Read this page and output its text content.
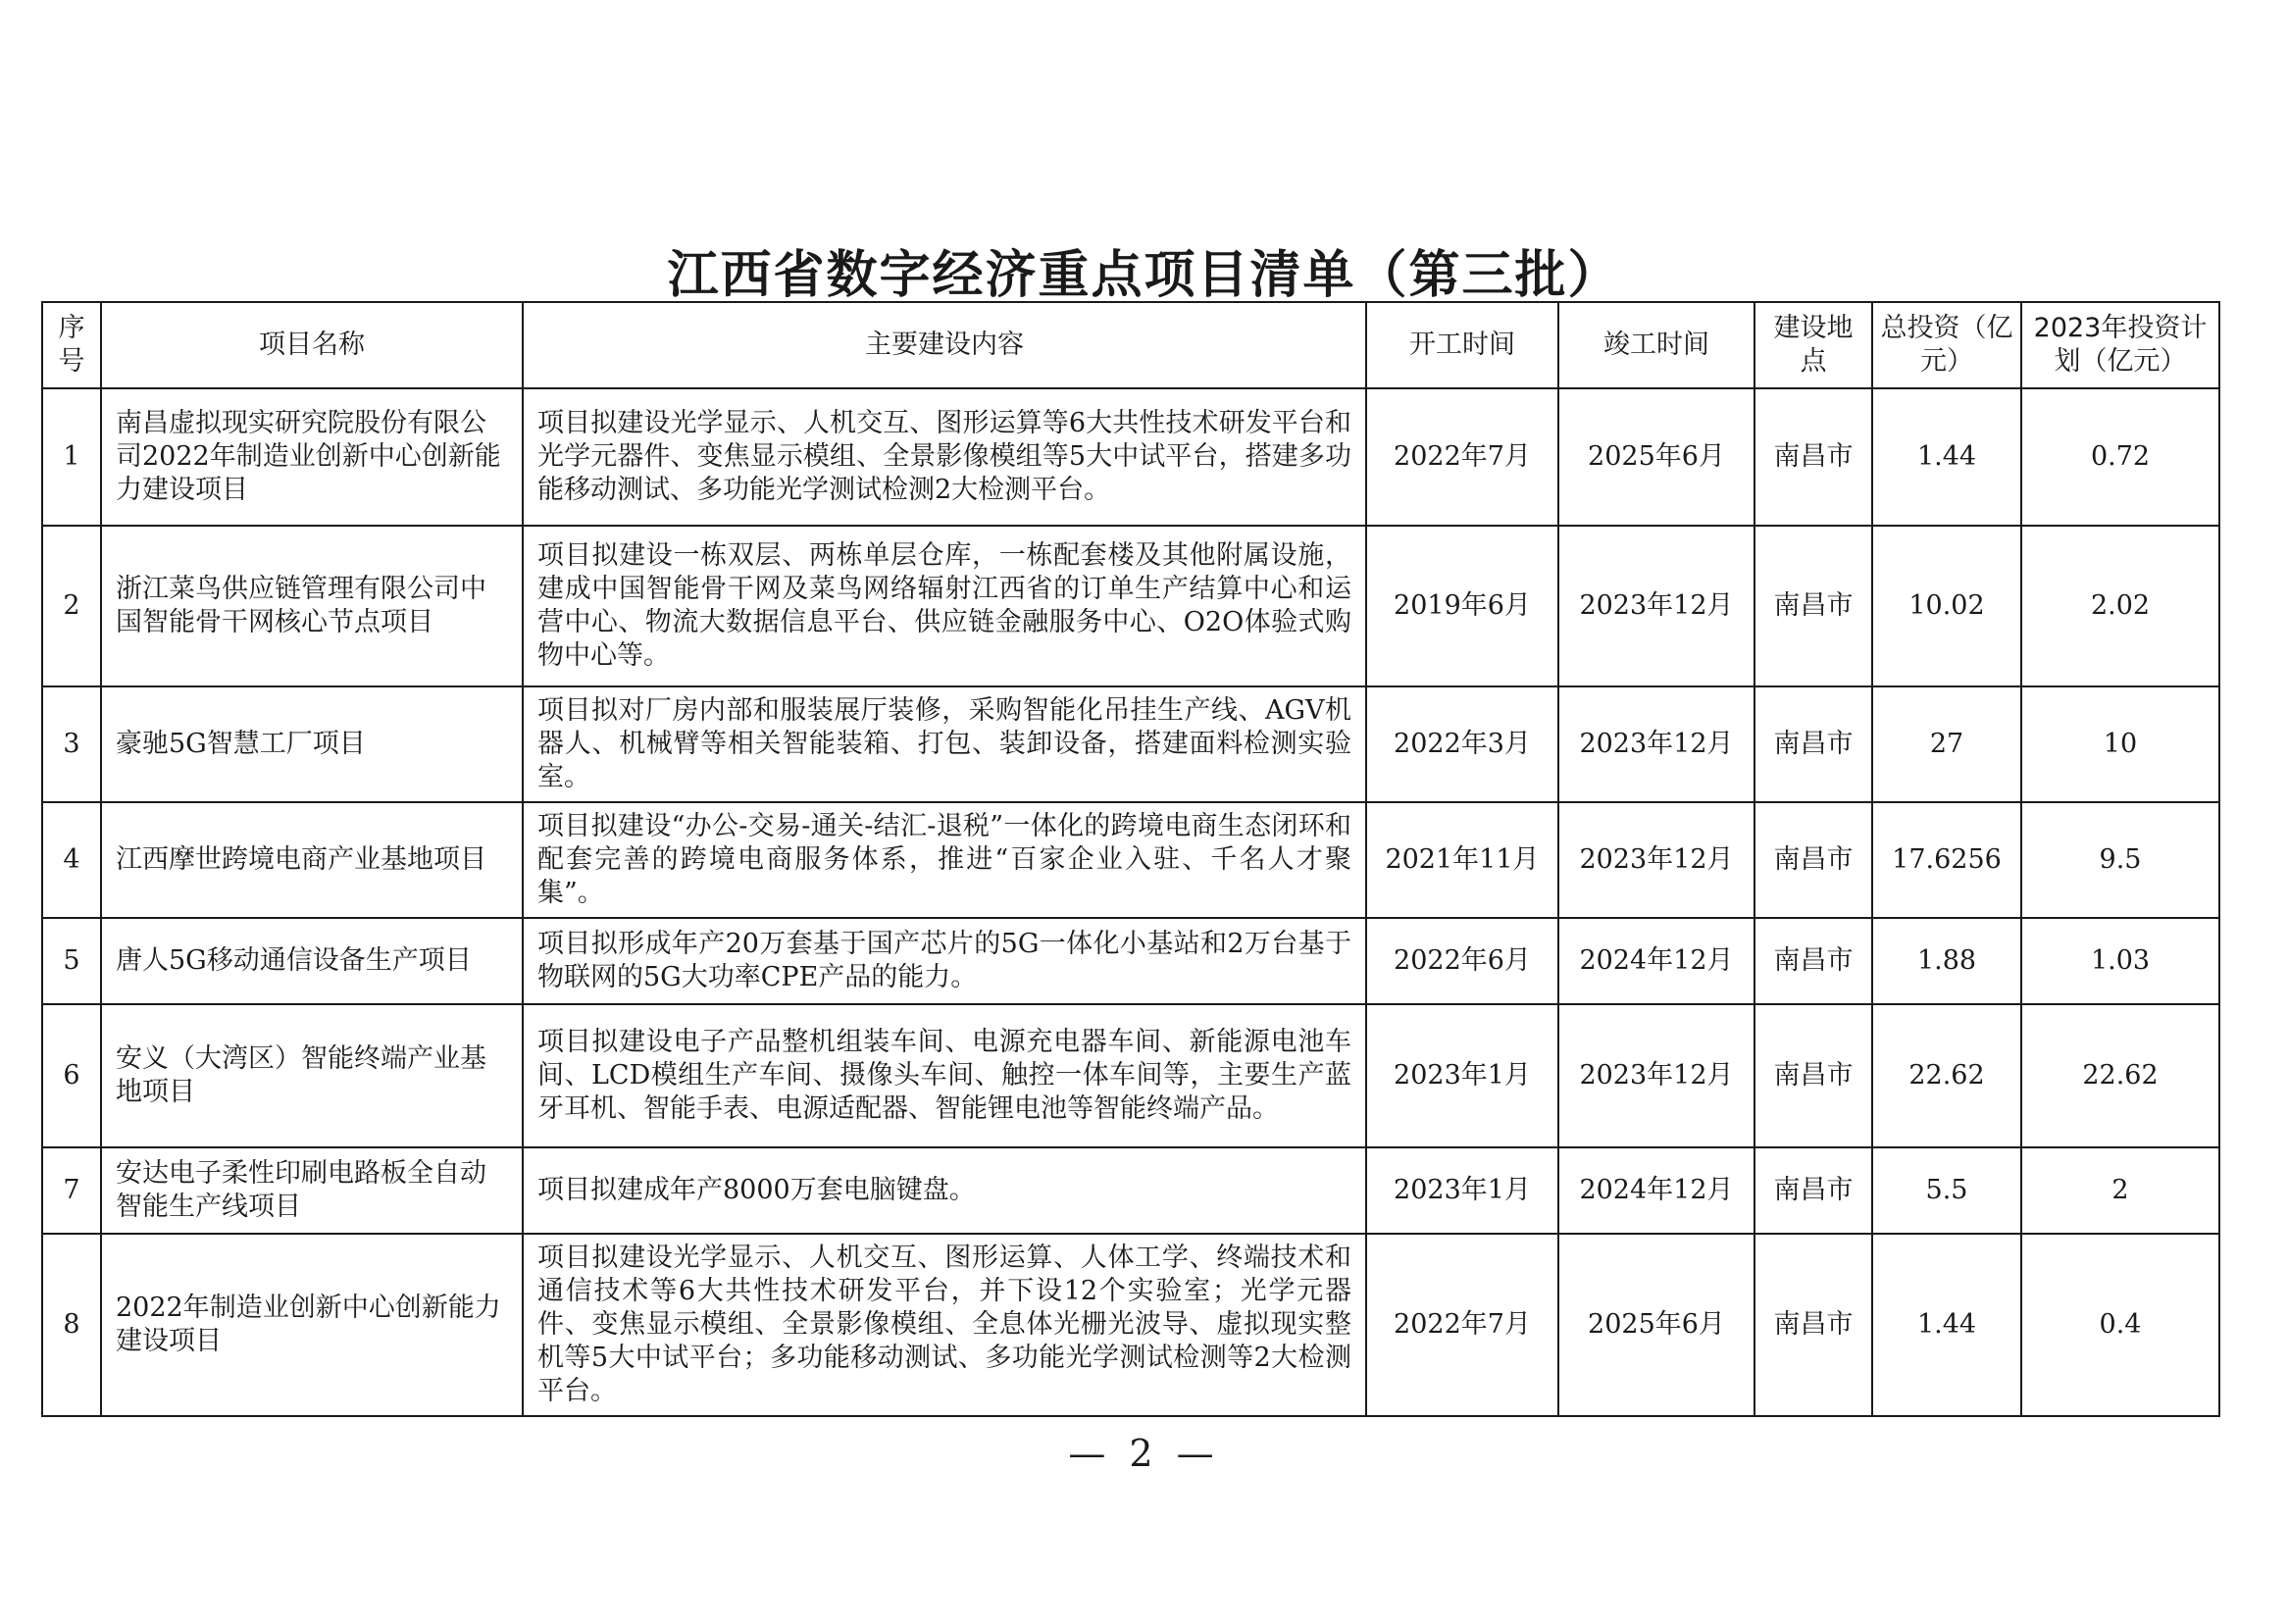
江西省数字经济重点项目清单（第三批）
序号	项目名称	主要建设内容	开工时间	竣工时间	建设地点	总投资（亿元）	2023年投资计划（亿元）
1	南昌虚拟现实研究院股份有限公司2022年制造业创新中心创新能力建设项目	项目拟建设光学显示、人机交互、图形运算等6大共性技术研发平台和光学元器件、变焦显示模组、全景影像模组等5大中试平台，搭建多功能移动测试、多功能光学测试检测2大检测平台。	2022年7月	2025年6月	南昌市	1.44	0.72
2	浙江菜鸟供应链管理有限公司中国智能骨干网核心节点项目	项目拟建设一栋双层、两栋单层仓库，一栋配套楼及其他附属设施，建成中国智能骨干网及菜鸟网络辐射江西省的订单生产结算中心和运营中心、物流大数据信息平台、供应链金融服务中心、O2O体验式购物中心等。	2019年6月	2023年12月	南昌市	10.02	2.02
3	豪驰5G智慧工厂项目	项目拟对厂房内部和服装展厅装修，采购智能化吊挂生产线、AGV机器人、机械臂等相关智能装箱、打包、装卸设备，搭建面料检测实验室。	2022年3月	2023年12月	南昌市	27	10
4	江西摩世跨境电商产业基地项目	项目拟建设“办公-交易-通关-结汇-退税”一体化的跨境电商生态闭环和配套完善的跨境电商服务体系，推进“百家企业入驻、千名人才聚集”。	2021年11月	2023年12月	南昌市	17.6256	9.5
5	唐人5G移动通信设备生产项目	项目拟形成年产20万套基于国产芯片的5G一体化小基站和2万台基于物联网的5G大功率CPE产品的能力。	2022年6月	2024年12月	南昌市	1.88	1.03
6	安义（大湾区）智能终端产业基地项目	项目拟建设电子产品整机组装车间、电源充电器车间、新能源电池车间、LCD模组生产车间、摄像头车间、触控一体车间等，主要生产蓝牙耳机、智能手表、电源适配器、智能锂电池等智能终端产品。	2023年1月	2023年12月	南昌市	22.62	22.62
7	安达电子柔性印刷电路板全自动智能生产线项目	项目拟建成年产8000万套电脑键盘。	2023年1月	2024年12月	南昌市	5.5	2
8	2022年制造业创新中心创新能力建设项目	项目拟建设光学显示、人机交互、图形运算、人体工学、终端技术和通信技术等6大共性技术研发平台，并下设12个实验室；光学元器件、变焦显示模组、全景影像模组、全息体光栅光波导、虚拟现实整机等5大中试平台；多功能移动测试、多功能光学测试检测等2大检测平台。	2022年7月	2025年6月	南昌市	1.44	0.4
— 2 —
